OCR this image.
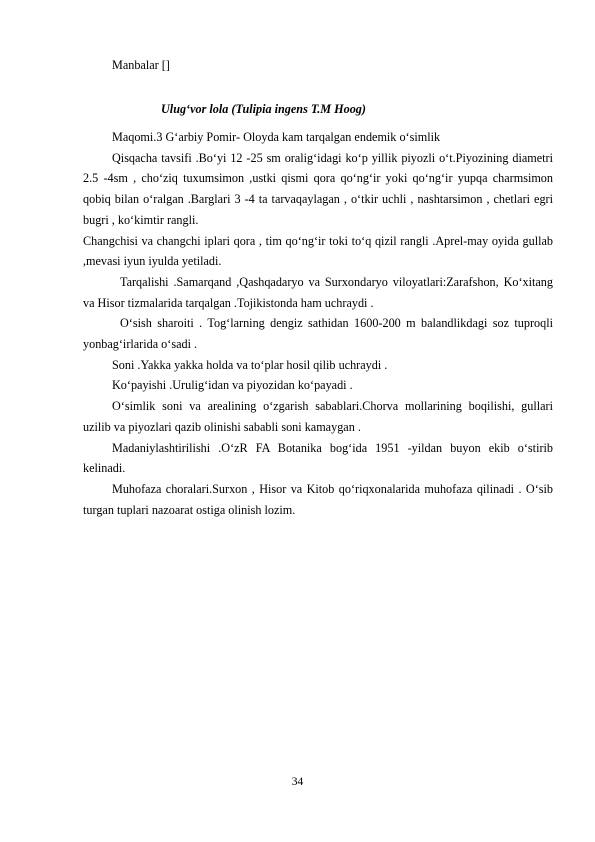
Manbalar []
Ulug‘vor lola (Tulipia ingens T.M Hoog)

Maqomi.3 G‘arbiy Pomir- Oloyda kam tarqalgan endemik o‘simlik

Qisqacha tavsifi .Bo‘yi 12 -25 sm oralig‘idagi ko‘p yillik piyozli o‘t.Piyozining diametri 2.5 -4sm , cho‘ziq tuxumsimon ,ustki qismi qora qo‘ng‘ir yoki qo‘ng‘ir yupqa charmsimon qobiq bilan o‘ralgan .Barglari 3 -4 ta tarvaqaylagan , o‘tkir uchli , nashtarsimon , chetlari egri bugri , ko‘kimtir rangli.

Changchisi va changchi iplari qora , tim qo‘ng‘ir toki to‘q qizil rangli .Aprel-may oyida gullab ,mevasi iyun iyulda yetiladi.

Tarqalishi .Samarqand ,Qashqadaryo va Surxondaryo viloyatlari:Zarafshon, Ko‘xitang va Hisor tizmalarida tarqalgan .Tojikistonda ham uchraydi .

O‘sish sharoiti . Tog‘larning dengiz sathidan 1600-200 m balandlikdagi soz tuproqli yonbag‘irlarida o‘sadi .

Soni .Yakka yakka holda va to‘plar hosil qilib uchraydi .

Ko‘payishi .Urulig‘idan va piyozidan ko‘payadi .

O‘simlik soni va arealining o‘zgarish sabablari.Chorva mollarining boqilishi, gullari uzilib va piyozlari qazib olinishi sababli soni kamaygan .

Madaniylashtirilishi .O‘zR FA Botanika bog‘ida 1951 -yildan buyon ekib o‘stirib kelinadi.

Muhofaza choralari.Surxon , Hisor va Kitob qo‘riqxonalarida muhofaza qilinadi . O‘sib turgan tuplari nazoarat ostiga olinish lozim.

34
